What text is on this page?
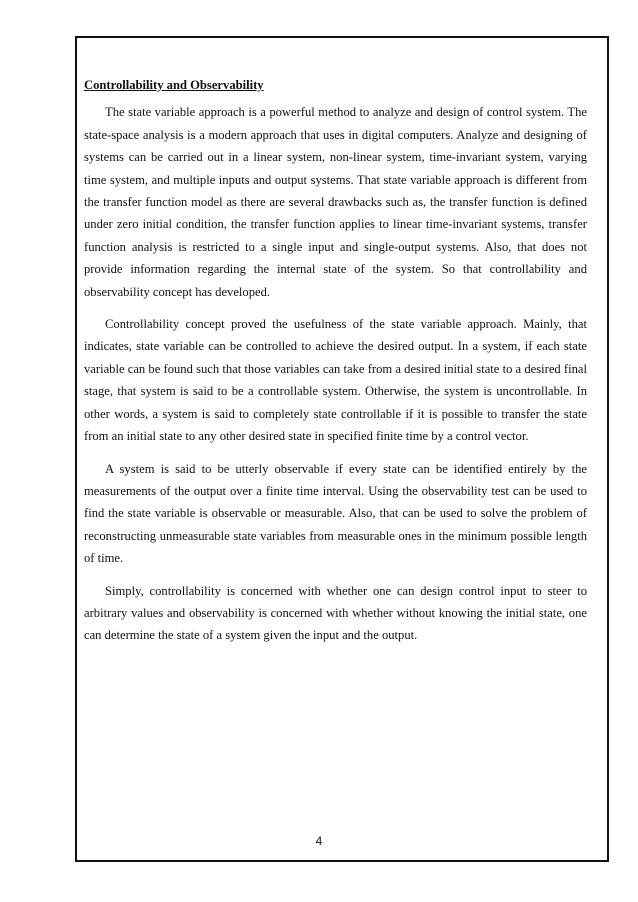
Controllability and Observability

The state variable approach is a powerful method to analyze and design of control system. The state-space analysis is a modern approach that uses in digital computers. Analyze and designing of systems can be carried out in a linear system, non-linear system, time-invariant system, varying time system, and multiple inputs and output systems. That state variable approach is different from the transfer function model as there are several drawbacks such as, the transfer function is defined under zero initial condition, the transfer function applies to linear time-invariant systems, transfer function analysis is restricted to a single input and single-output systems. Also, that does not provide information regarding the internal state of the system. So that controllability and observability concept has developed.

Controllability concept proved the usefulness of the state variable approach. Mainly, that indicates, state variable can be controlled to achieve the desired output. In a system, if each state variable can be found such that those variables can take from a desired initial state to a desired final stage, that system is said to be a controllable system. Otherwise, the system is uncontrollable. In other words, a system is said to completely state controllable if it is possible to transfer the state from an initial state to any other desired state in specified finite time by a control vector.

A system is said to be utterly observable if every state can be identified entirely by the measurements of the output over a finite time interval. Using the observability test can be used to find the state variable is observable or measurable. Also, that can be used to solve the problem of reconstructing unmeasurable state variables from measurable ones in the minimum possible length of time.

Simply, controllability is concerned with whether one can design control input to steer to arbitrary values and observability is concerned with whether without knowing the initial state, one can determine the state of a system given the input and the output.

4
